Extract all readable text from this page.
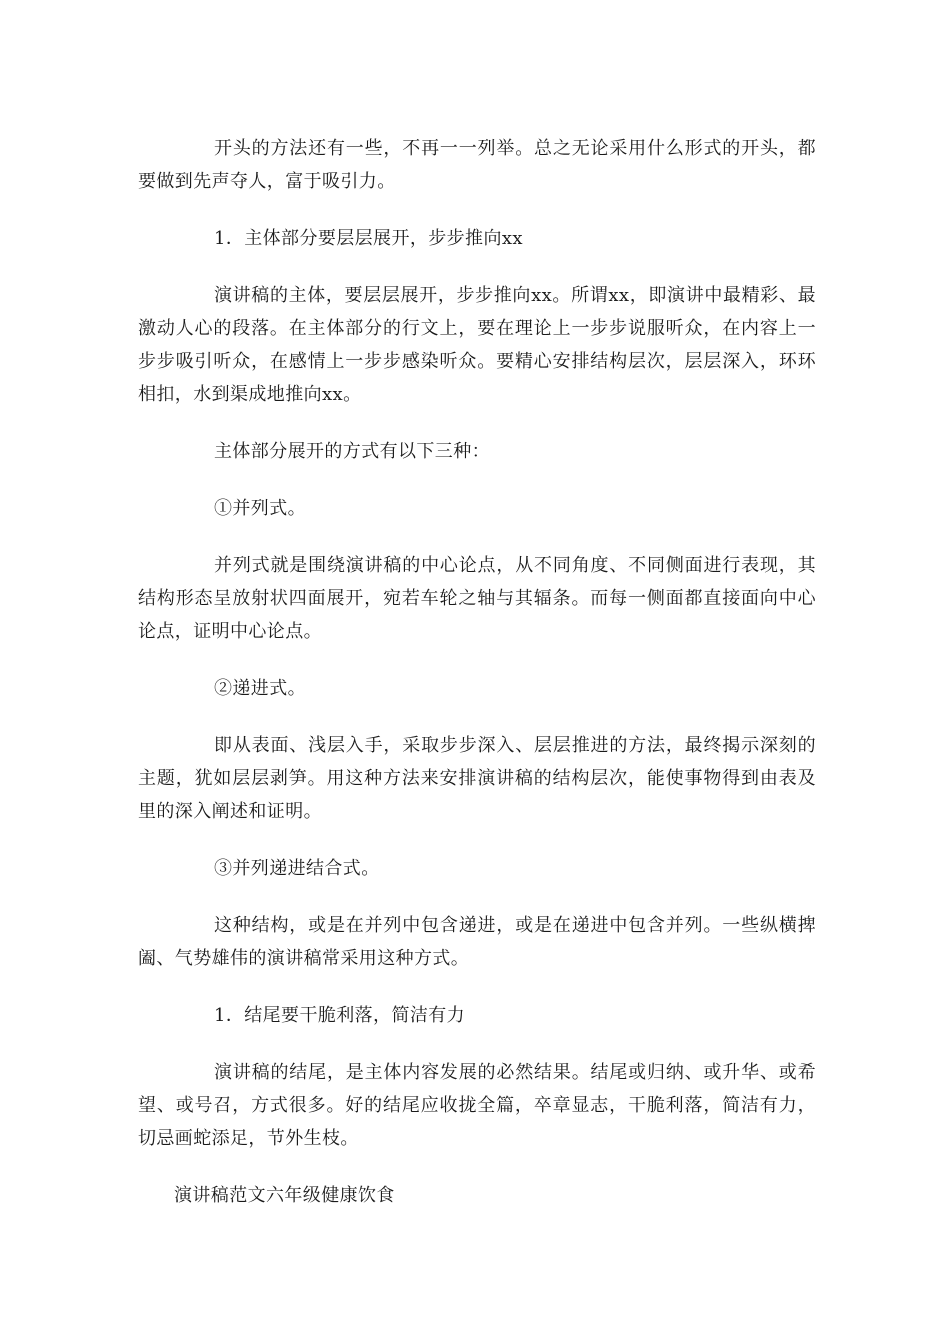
开头的方法还有一些，不再一一列举。总之无论采用什么形式的开头，都要做到先声夺人，富于吸引力。

1．主体部分要层层展开，步步推向xx

演讲稿的主体，要层层展开，步步推向xx。所谓xx，即演讲中最精彩、最激动人心的段落。在主体部分的行文上，要在理论上一步步说服听众，在内容上一步步吸引听众，在感情上一步步感染听众。要精心安排结构层次，层层深入，环环相扣，水到渠成地推向xx。

主体部分展开的方式有以下三种：

①并列式。

并列式就是围绕演讲稿的中心论点，从不同角度、不同侧面进行表现，其结构形态呈放射状四面展开，宛若车轮之轴与其辐条。而每一侧面都直接面向中心论点，证明中心论点。

②递进式。

即从表面、浅层入手，采取步步深入、层层推进的方法，最终揭示深刻的主题，犹如层层剥笋。用这种方法来安排演讲稿的结构层次，能使事物得到由表及里的深入阐述和证明。

③并列递进结合式。

这种结构，或是在并列中包含递进，或是在递进中包含并列。一些纵横捭阖、气势雄伟的演讲稿常采用这种方式。

1．结尾要干脆利落，简洁有力

演讲稿的结尾，是主体内容发展的必然结果。结尾或归纳、或升华、或希望、或号召，方式很多。好的结尾应收拢全篇，卒章显志，干脆利落，简洁有力，切忌画蛇添足，节外生枝。

演讲稿范文六年级健康饮食
